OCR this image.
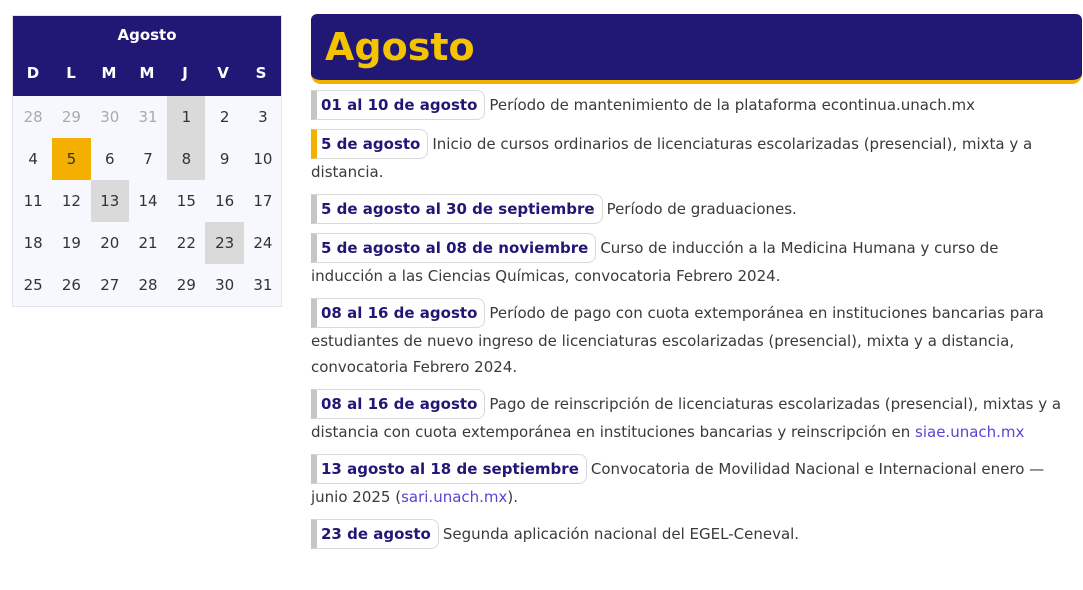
Agosto
D	L	M	M	J	V	S
28	29	30	31	1	2	3
4	5	6	7	8	9	10
11	12	13	14	15	16	17
18	19	20	21	22	23	24
25	26	27	28	29	30	31
Agosto
01 al 10 de agosto Período de mantenimiento de la plataforma econtinua.unach.mx
5 de agosto Inicio de cursos ordinarios de licenciaturas escolarizadas (presencial), mixta y a distancia.
5 de agosto al 30 de septiembre Período de graduaciones.
5 de agosto al 08 de noviembre Curso de inducción a la Medicina Humana y curso de inducción a las Ciencias Químicas, convocatoria Febrero 2024.
08 al 16 de agosto Período de pago con cuota extemporánea en instituciones bancarias para estudiantes de nuevo ingreso de licenciaturas escolarizadas (presencial), mixta y a distancia, convocatoria Febrero 2024.
08 al 16 de agosto Pago de reinscripción de licenciaturas escolarizadas (presencial), mixtas y a distancia con cuota extemporánea en instituciones bancarias y reinscripción en siae.unach.mx
13 agosto al 18 de septiembre Convocatoria de Movilidad Nacional e Internacional enero — junio 2025 (sari.unach.mx).
23 de agosto Segunda aplicación nacional del EGEL-Ceneval.
